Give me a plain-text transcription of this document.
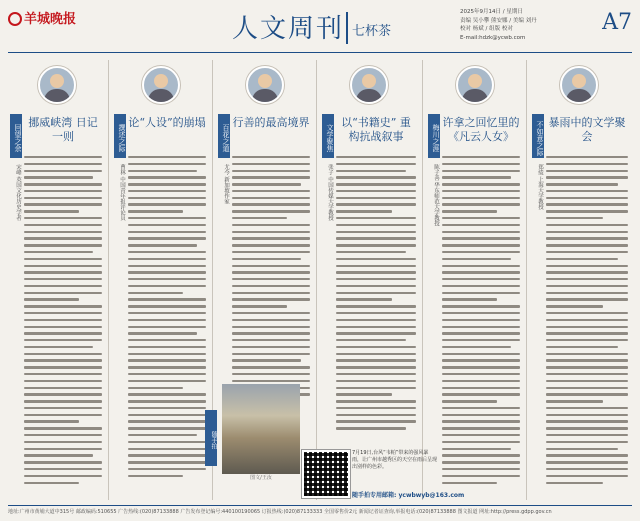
羊城晚报	人文周刊 七杯茶
2025年9月14日 / 星期日
责编 吴小攀 熊安娜 / 美编 刘丹
校对 杨斌 / 组版 校对
E-mail:hdzk@ycwb.com
A7
回望之余
宋峰 英国文化历史学者
挪威峡湾 日记一则	撰述之际
曹林 中国青年报评论员
论“人设”的崩塌
百花之道
尤今 新加坡作家
行善的最高境界
文学聚焦
张子 中国传媒大学教授
以“书籍史” 重构抗战叙事	梅川之涯
陈子善 华东师范大学教授
许拿之回忆里的 《凡云人女》	不如意之际
郑绩 上海大学教授
暴雨中的文学聚会
随手拍
图文/王汝
7月19日,台风“韦帕”带来的强风暴雨，让广州市越秀区的天空在雨后呈现出别样的色彩。
随手拍专用邮箱: ycwbwyb@163.com
地址:广州市黄埔大道中315号 邮政编码:510655 广告热线:(020)87133888 广告发布登记编号:440100190065 订报热线:(020)87133333 全国零售价2元 新闻记者证查询,举报电话:(020)87133888 图文报道 网址:http://press.gdpp.gov.cn
